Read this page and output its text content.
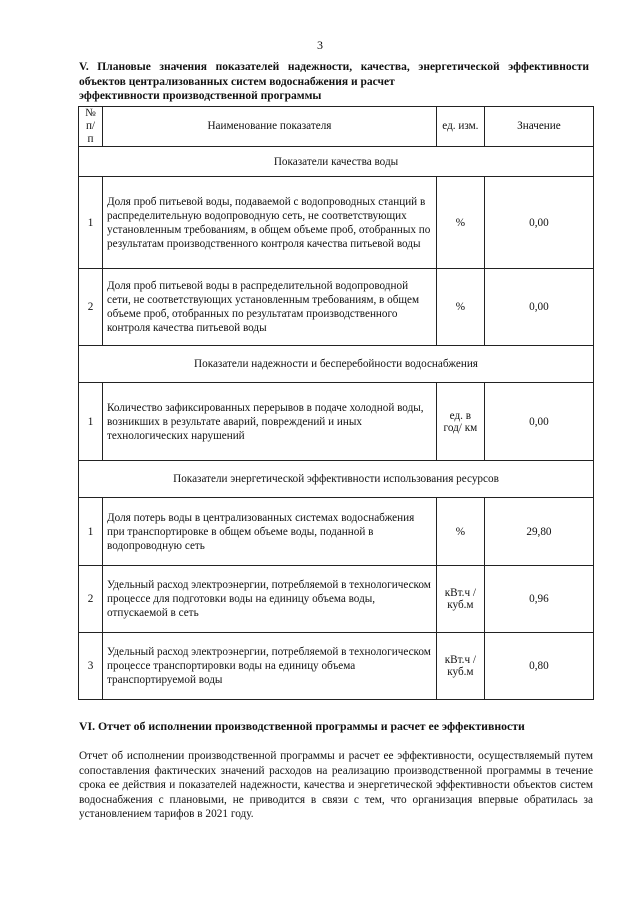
3
V. Плановые значения показателей надежности, качества, энергетической эффективности объектов централизованных систем водоснабжения и расчет
эффективности производственной программы
№ п/п	Наименование показателя	ед. изм.	Значение
Показатели качества воды			
1	Доля проб питьевой воды, подаваемой с водопроводных станций в распределительную водопроводную сеть, не соответствующих установленным требованиям, в общем объеме проб, отобранных по результатам производственного контроля качества питьевой воды	%	0,00
2	Доля проб питьевой воды в распределительной водопроводной сети, не соответствующих установленным требованиям, в общем объеме проб, отобранных по результатам производственного контроля качества питьевой воды	%	0,00
Показатели надежности и бесперебойности водоснабжения			
1	Количество зафиксированных перерывов в подаче холодной воды, возникших в результате аварий, повреждений и иных технологических нарушений	ед. в год/ км	0,00
Показатели энергетической эффективности использования ресурсов			
1	Доля потерь воды в централизованных системах водоснабжения при транспортировке в общем объеме воды, поданной в водопроводную сеть	%	29,80
2	Удельный расход электроэнергии, потребляемой в технологическом процессе для подготовки воды на единицу объема воды, отпускаемой в сеть	кВт.ч / куб.м	0,96
3	Удельный расход электроэнергии, потребляемой в технологическом процессе транспортировки воды на единицу объема транспортируемой воды	кВт.ч / куб.м	0,80
VI. Отчет об исполнении производственной программы и расчет ее эффективности
Отчет об исполнении производственной программы и расчет ее эффективности, осуществляемый путем сопоставления фактических значений расходов на реализацию производственной программы в течение срока ее действия и показателей надежности, качества и энергетической эффективности объектов систем водоснабжения с плановыми, не приводится в связи с тем, что организация впервые обратилась за установлением тарифов в 2021 году.
